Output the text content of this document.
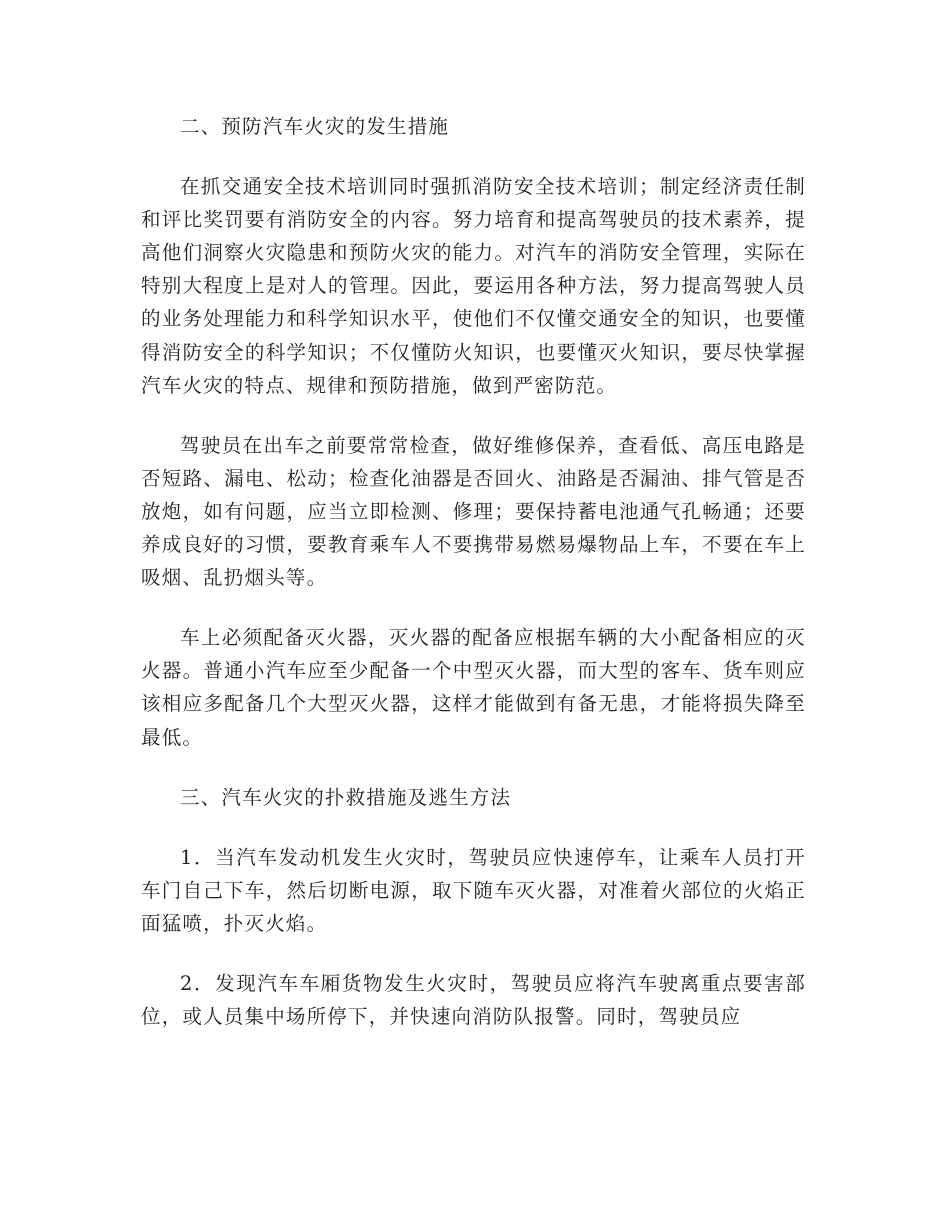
二、预防汽车火灾的发生措施

在抓交通安全技术培训同时强抓消防安全技术培训；制定经济责任制和评比奖罚要有消防安全的内容。努力培育和提高驾驶员的技术素养，提高他们洞察火灾隐患和预防火灾的能力。对汽车的消防安全管理，实际在特别大程度上是对人的管理。因此，要运用各种方法，努力提高驾驶人员的业务处理能力和科学知识水平，使他们不仅懂交通安全的知识，也要懂得消防安全的科学知识；不仅懂防火知识，也要懂灭火知识，要尽快掌握汽车火灾的特点、规律和预防措施，做到严密防范。

驾驶员在出车之前要常常检查，做好维修保养，查看低、高压电路是否短路、漏电、松动；检查化油器是否回火、油路是否漏油、排气管是否放炮，如有问题，应当立即检测、修理；要保持蓄电池通气孔畅通；还要养成良好的习惯，要教育乘车人不要携带易燃易爆物品上车，不要在车上吸烟、乱扔烟头等。

车上必须配备灭火器，灭火器的配备应根据车辆的大小配备相应的灭火器。普通小汽车应至少配备一个中型灭火器，而大型的客车、货车则应该相应多配备几个大型灭火器，这样才能做到有备无患，才能将损失降至最低。

三、汽车火灾的扑救措施及逃生方法

1．当汽车发动机发生火灾时，驾驶员应快速停车，让乘车人员打开车门自己下车，然后切断电源，取下随车灭火器，对准着火部位的火焰正面猛喷，扑灭火焰。

2．发现汽车车厢货物发生火灾时，驾驶员应将汽车驶离重点要害部位，或人员集中场所停下，并快速向消防队报警。同时，驾驶员应
